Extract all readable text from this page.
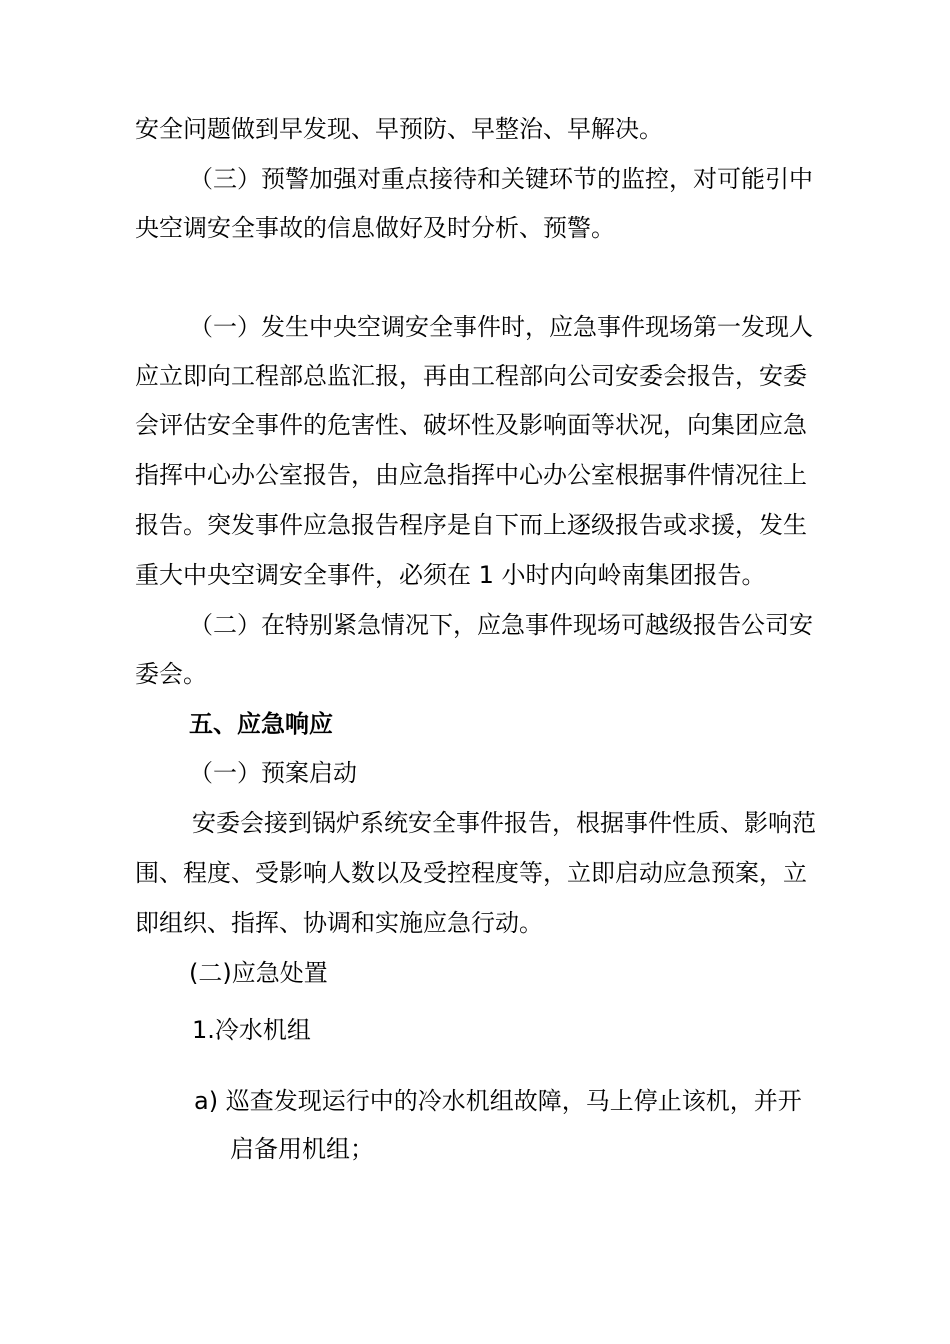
安全问题做到早发现、早预防、早整治、早解决。
（三）预警加强对重点接待和关键环节的监控，对可能引中
央空调安全事故的信息做好及时分析、预警。
（一）发生中央空调安全事件时，应急事件现场第一发现人
应立即向工程部总监汇报，再由工程部向公司安委会报告，安委
会评估安全事件的危害性、破坏性及影响面等状况，向集团应急
指挥中心办公室报告，由应急指挥中心办公室根据事件情况往上
报告。突发事件应急报告程序是自下而上逐级报告或求援，发生
重大中央空调安全事件，必须在 1 小时内向岭南集团报告。
（二）在特别紧急情况下，应急事件现场可越级报告公司安
委会。
五、应急响应
（一）预案启动
安委会接到锅炉系统安全事件报告，根据事件性质、影响范
围、程度、受影响人数以及受控程度等，立即启动应急预案，立
即组织、指挥、协调和实施应急行动。
(二)应急处置
1.冷水机组
a) 巡查发现运行中的冷水机组故障，马上停止该机，并开
启备用机组；
